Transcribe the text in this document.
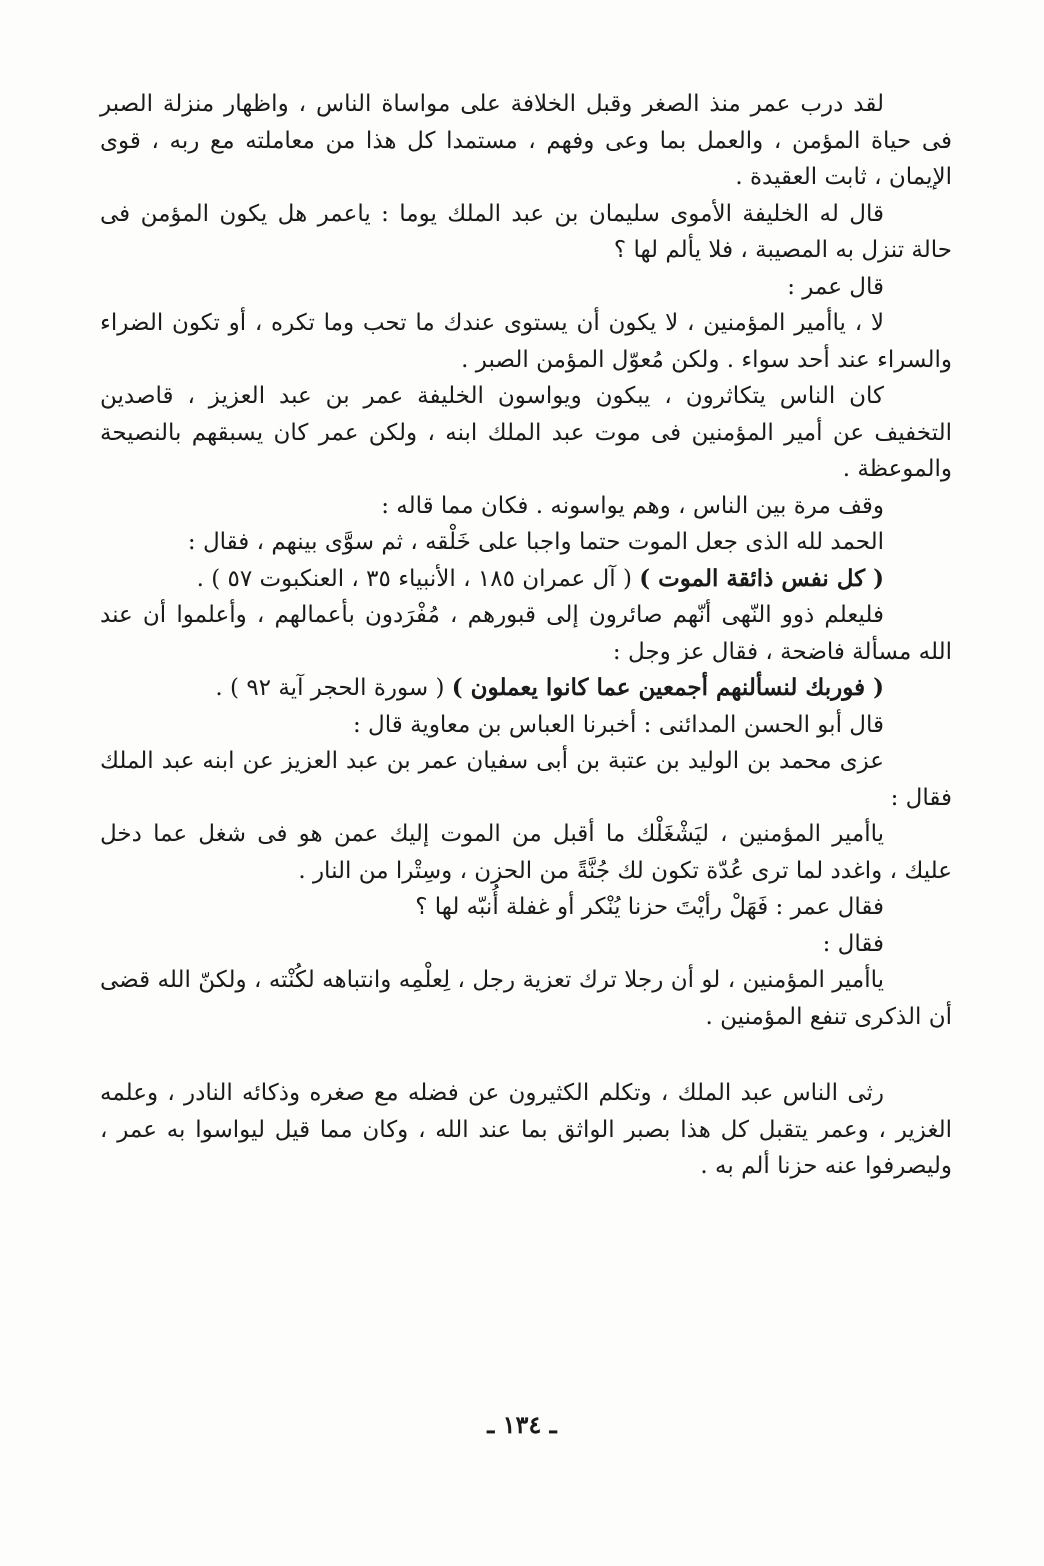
لقد درب عمر منذ الصغر وقبل الخلافة على مواساة الناس ، واظهار منزلة الصبر فى حياة المؤمن ، والعمل بما وعى وفهم ، مستمدا كل هذا من معاملته مع ربه ، قوى الإيمان ، ثابت العقيدة .

قال له الخليفة الأموى سليمان بن عبد الملك يوما : ياعمر هل يكون المؤمن فى حالة تنزل به المصيبة ، فلا يألم لها ؟

قال عمر :

لا ، ياأمير المؤمنين ، لا يكون أن يستوى عندك ما تحب وما تكره ، أو تكون الضراء والسراء عند أحد سواء . ولكن مُعوّل المؤمن الصبر .

كان الناس يتكاثرون ، يبكون ويواسون الخليفة عمر بن عبد العزيز ، قاصدين التخفيف عن أمير المؤمنين فى موت عبد الملك ابنه ، ولكن عمر كان يسبقهم بالنصيحة والموعظة .

وقف مرة بين الناس ، وهم يواسونه . فكان مما قاله :

الحمد لله الذى جعل الموت حتما واجبا على خَلْقه ، ثم سوَّى بينهم ، فقال :

( كل نفس ذائقة الموت ) ( آل عمران ١٨٥ ، الأنبياء ٣٥ ، العنكبوت ٥٧ ) .

فليعلم ذوو النّهى أنّهم صائرون إلى قبورهم ، مُفْرَدون بأعمالهم ، وأعلموا أن عند الله مسألة فاضحة ، فقال عز وجل :

( فوربك لنسألنهم أجمعين عما كانوا يعملون ) ( سورة الحجر آية ٩٢ ) .

قال أبو الحسن المدائنى : أخبرنا العباس بن معاوية قال :

عزى محمد بن الوليد بن عتبة بن أبى سفيان عمر بن عبد العزيز عن ابنه عبد الملك فقال :

ياأمير المؤمنين ، ليَشْغَلْك ما أقبل من الموت إليك عمن هو فى شغل عما دخل عليك ، واغدد لما ترى عُدّة تكون لك جُنَّةً من الحزن ، وسِتْرا من النار .

فقال عمر : فَهَلْ رأيْتَ حزنا يُنْكر أو غفلة أُنبّه لها ؟

فقال :

ياأمير المؤمنين ، لو أن رجلا ترك تعزية رجل ، لِعلْمِه وانتباهه لكُنْته ، ولكنّ الله قضى أن الذكرى تنفع المؤمنين .

رثى الناس عبد الملك ، وتكلم الكثيرون عن فضله مع صغره وذكائه النادر ، وعلمه الغزير ، وعمر يتقبل كل هذا بصبر الواثق بما عند الله ، وكان مما قيل ليواسوا به عمر ، وليصرفوا عنه حزنا ألم به .

ـ ١٣٤ ـ
